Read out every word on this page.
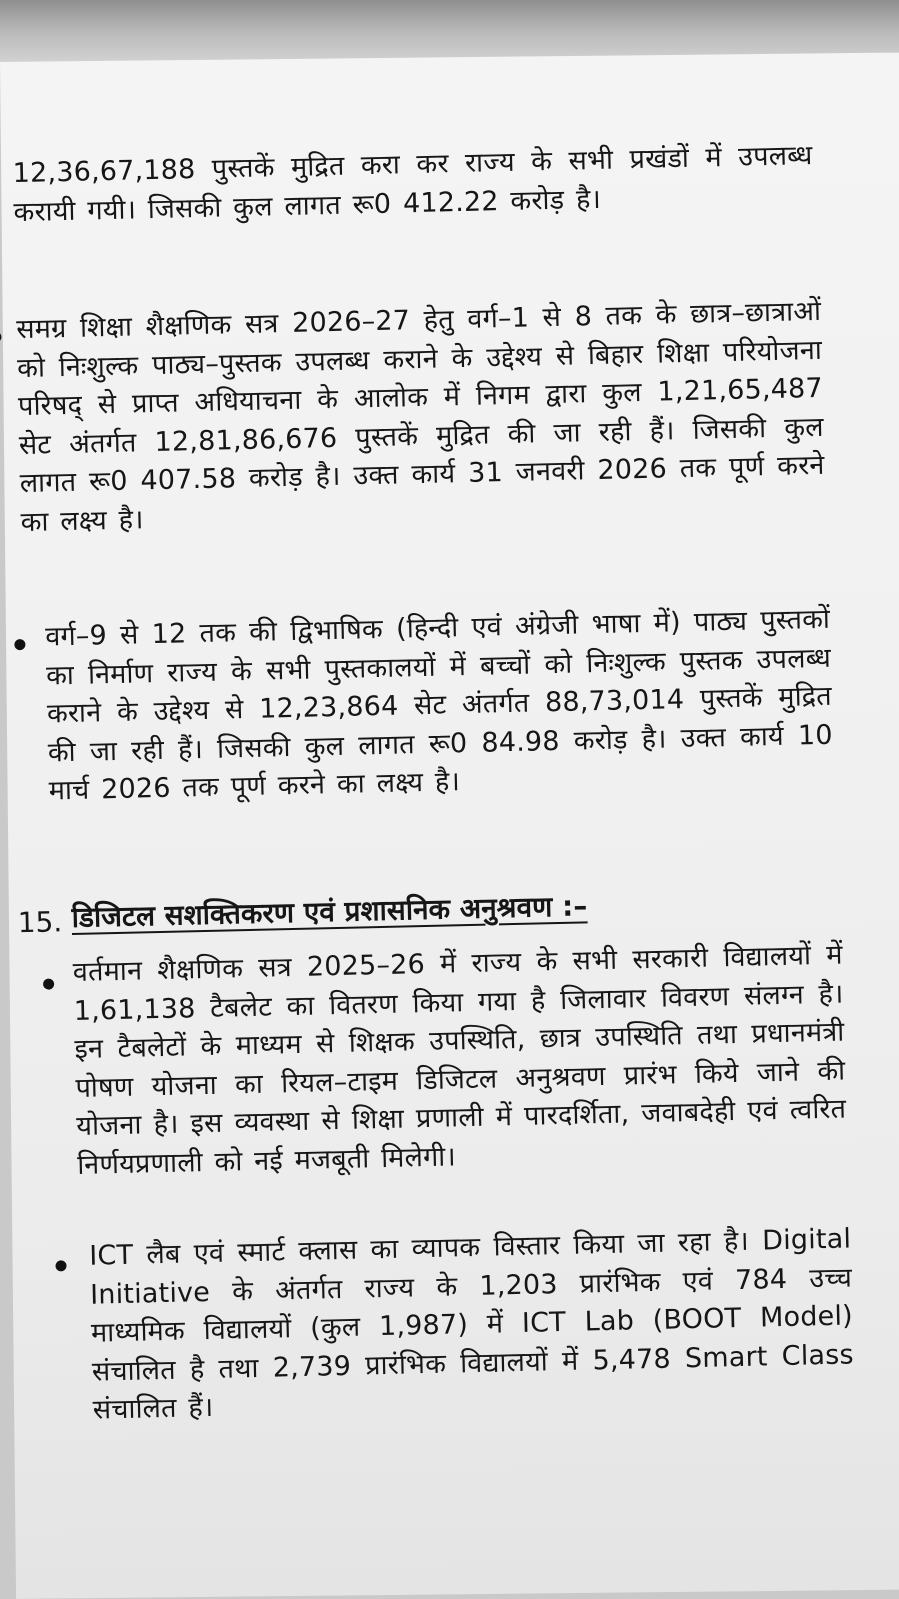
12,36,67,188 पुस्तकें मुद्रित करा कर राज्य के सभी प्रखंडों में उपलब्ध करायी गयी। जिसकी कुल लागत रू0 412.22 करोड़ है।
समग्र शिक्षा शैक्षणिक सत्र 2026–27 हेतु वर्ग–1 से 8 तक के छात्र–छात्राओं को निःशुल्क पाठ्य–पुस्तक उपलब्ध कराने के उद्देश्य से बिहार शिक्षा परियोजना परिषद् से प्राप्त अधियाचना के आलोक में निगम द्वारा कुल 1,21,65,487 सेट अंतर्गत 12,81,86,676 पुस्तकें मुद्रित की जा रही हैं। जिसकी कुल लागत रू0 407.58 करोड़ है। उक्त कार्य 31 जनवरी 2026 तक पूर्ण करने का लक्ष्य है।
वर्ग–9 से 12 तक की द्विभाषिक (हिन्दी एवं अंग्रेजी भाषा में) पाठ्य पुस्तकों का निर्माण राज्य के सभी पुस्तकालयों में बच्चों को निःशुल्क पुस्तक उपलब्ध कराने के उद्देश्य से 12,23,864 सेट अंतर्गत 88,73,014 पुस्तकें मुद्रित की जा रही हैं। जिसकी कुल लागत रू0 84.98 करोड़ है। उक्त कार्य 10 मार्च 2026 तक पूर्ण करने का लक्ष्य है।
15. डिजिटल सशक्तिकरण एवं प्रशासनिक अनुश्रवण :–
वर्तमान शैक्षणिक सत्र 2025–26 में राज्य के सभी सरकारी विद्यालयों में 1,61,138 टैबलेट का वितरण किया गया है जिलावार विवरण संलग्न है। इन टैबलेटों के माध्यम से शिक्षक उपस्थिति, छात्र उपस्थिति तथा प्रधानमंत्री पोषण योजना का रियल–टाइम डिजिटल अनुश्रवण प्रारंभ किये जाने की योजना है। इस व्यवस्था से शिक्षा प्रणाली में पारदर्शिता, जवाबदेही एवं त्वरित निर्णयप्रणाली को नई मजबूती मिलेगी।
ICT लैब एवं स्मार्ट क्लास का व्यापक विस्तार किया जा रहा है। Digital Initiative के अंतर्गत राज्य के 1,203 प्रारंभिक एवं 784 उच्च माध्यमिक विद्यालयों (कुल 1,987) में ICT Lab (BOOT Model) संचालित है तथा 2,739 प्रारंभिक विद्यालयों में 5,478 Smart Class संचालित हैं।
